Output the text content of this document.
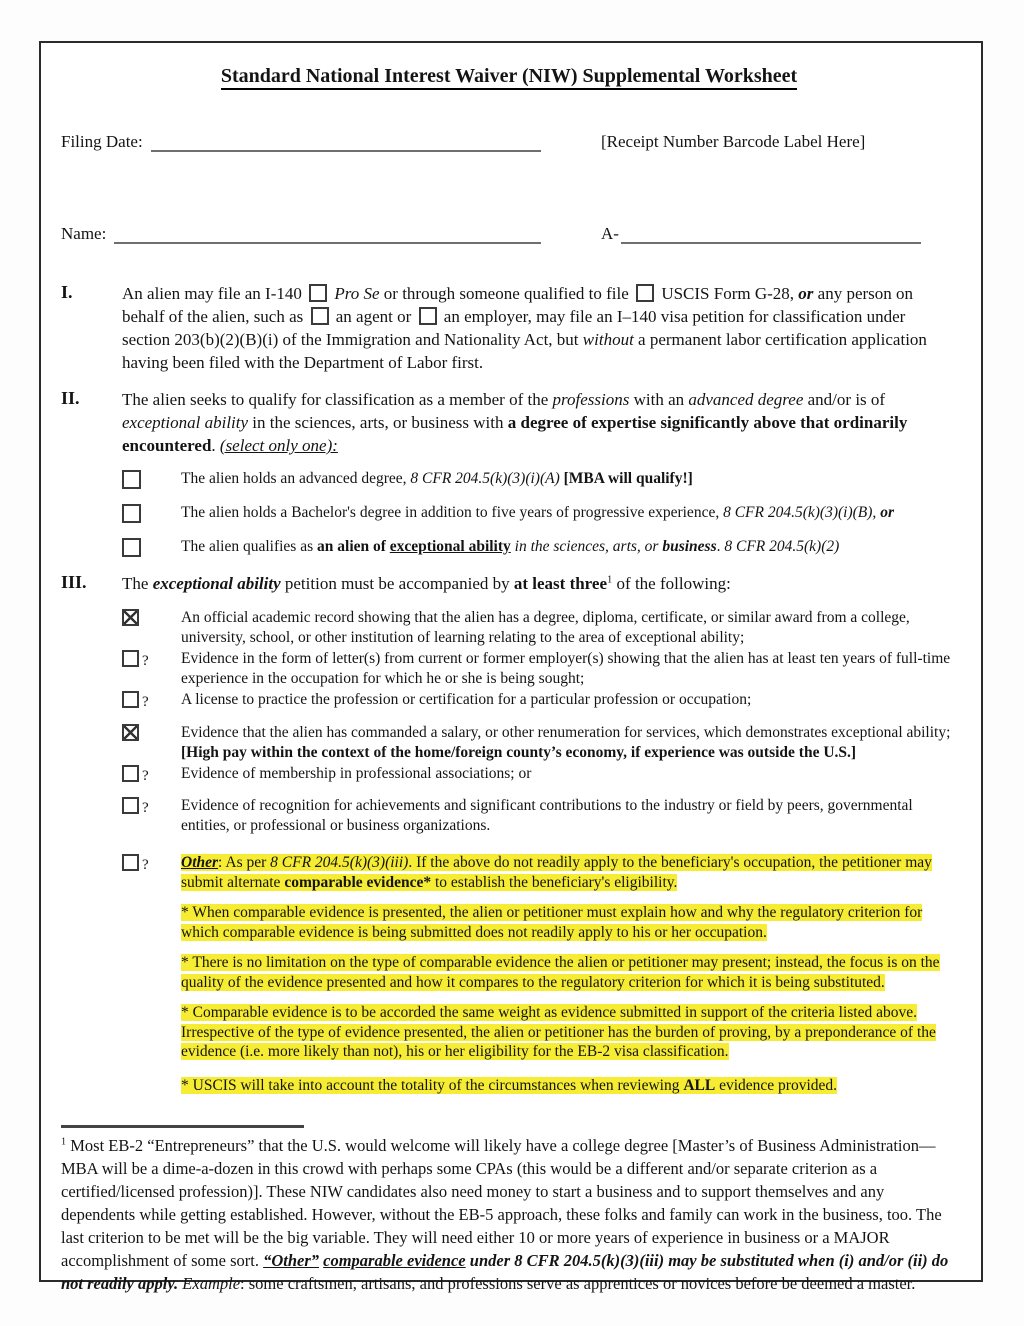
Standard National Interest Waiver (NIW) Supplemental Worksheet
Filing Date:	[Receipt Number Barcode Label Here]
Name:	A-
I.	An alien may file an I-140  Pro Se or through someone qualified to file  USCIS Form G-28, or any person on behalf of the alien, such as  an agent or  an employer, may file an I–140 visa petition for classification under section 203(b)(2)(B)(i) of the Immigration and Nationality Act, but without a permanent labor certification application having been filed with the Department of Labor first.
II.	The alien seeks to qualify for classification as a member of the professions with an advanced degree and/or is of exceptional ability in the sciences, arts, or business with a degree of expertise significantly above that ordinarily encountered. (select only one):
The alien holds an advanced degree, 8 CFR 204.5(k)(3)(i)(A) [MBA will qualify!]
The alien holds a Bachelor's degree in addition to five years of progressive experience, 8 CFR 204.5(k)(3)(i)(B), or
The alien qualifies as an alien of exceptional ability in the sciences, arts, or business. 8 CFR 204.5(k)(2)
III.	The exceptional ability petition must be accompanied by at least three$^1$ of the following:
An official academic record showing that the alien has a degree, diploma, certificate, or similar award from a college, university, school, or other institution of learning relating to the area of exceptional ability;
?	Evidence in the form of letter(s) from current or former employer(s) showing that the alien has at least ten years of full-time experience in the occupation for which he or she is being sought;
?	A license to practice the profession or certification for a particular profession or occupation;
Evidence that the alien has commanded a salary, or other renumeration for services, which demonstrates exceptional ability; [High pay within the context of the home/foreign county’s economy, if experience was outside the U.S.]
?	Evidence of membership in professional associations; or
?	Evidence of recognition for achievements and significant contributions to the industry or field by peers, governmental entities, or professional or business organizations.
?	Other: As per 8 CFR 204.5(k)(3)(iii). If the above do not readily apply to the beneficiary's occupation, the petitioner may submit alternate comparable evidence* to establish the beneficiary's eligibility.
* When comparable evidence is presented, the alien or petitioner must explain how and why the regulatory criterion for which comparable evidence is being submitted does not readily apply to his or her occupation.
* There is no limitation on the type of comparable evidence the alien or petitioner may present; instead, the focus is on the quality of the evidence presented and how it compares to the regulatory criterion for which it is being substituted.
* Comparable evidence is to be accorded the same weight as evidence submitted in support of the criteria listed above. Irrespective of the type of evidence presented, the alien or petitioner has the burden of proving, by a preponderance of the evidence (i.e. more likely than not), his or her eligibility for the EB-2 visa classification.
* USCIS will take into account the totality of the circumstances when reviewing ALL evidence provided.
$^1$ Most EB-2 “Entrepreneurs” that the U.S. would welcome will likely have a college degree [Master’s of Business Administration—MBA will be a dime-a-dozen in this crowd with perhaps some CPAs (this would be a different and/or separate criterion as a certified/licensed profession)]. These NIW candidates also need money to start a business and to support themselves and any dependents while getting established. However, without the EB-5 approach, these folks and family can work in the business, too. The last criterion to be met will be the big variable. They will need either 10 or more years of experience in business or a MAJOR accomplishment of some sort. “Other” comparable evidence under 8 CFR 204.5(k)(3)(iii) may be substituted when (i) and/or (ii) do not readily apply. Example: some craftsmen, artisans, and professions serve as apprentices or novices before be deemed a master.
